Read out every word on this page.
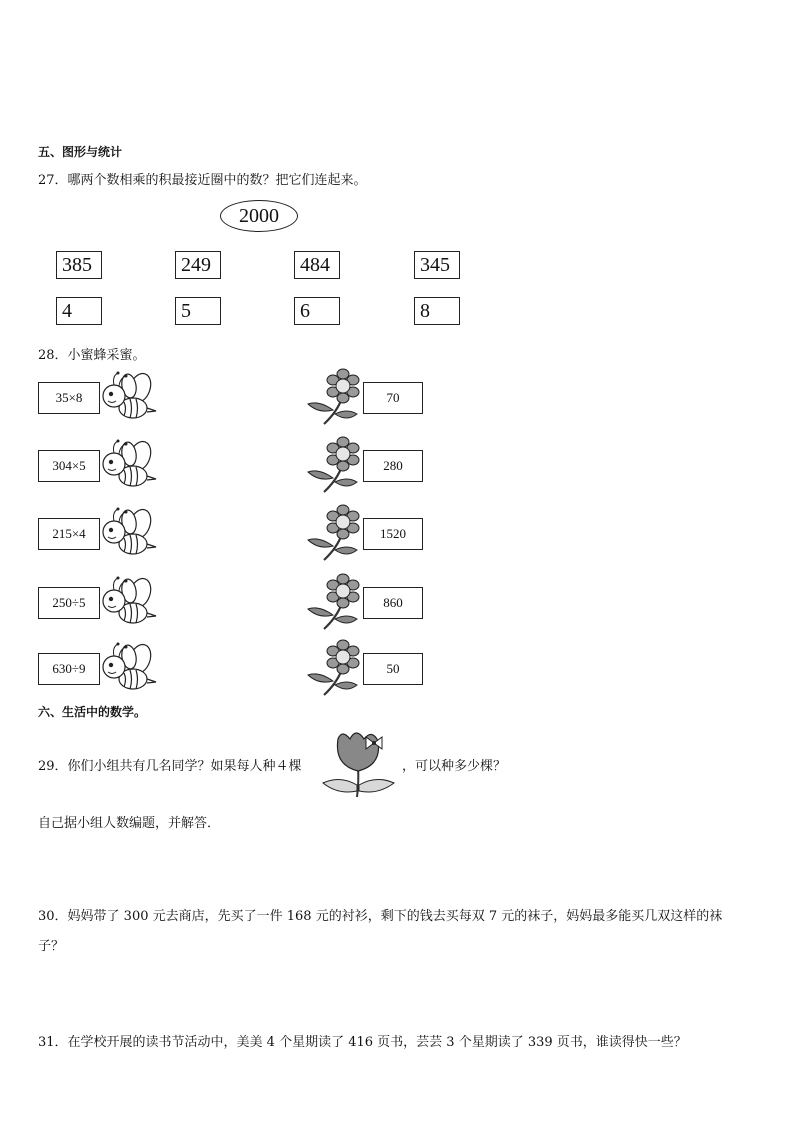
五、图形与统计
27．哪两个数相乘的积最接近圈中的数？把它们连起来。
2000
385	249	484	345
4	5	6	8
28．小蜜蜂采蜜。
35×8	70
304×5	280
215×4	1520
250÷5	860
630÷9	50
六、生活中的数学。
29．你们小组共有几名同学？如果每人种４棵	，可以种多少棵？
自己据小组人数编题，并解答．
30．妈妈带了 300 元去商店，先买了一件 168 元的衬衫，剩下的钱去买每双 7 元的袜子，妈妈最多能买几双这样的袜
子？
31．在学校开展的读书节活动中，美美 4 个星期读了 416 页书，芸芸 3 个星期读了 339 页书，谁读得快一些？
